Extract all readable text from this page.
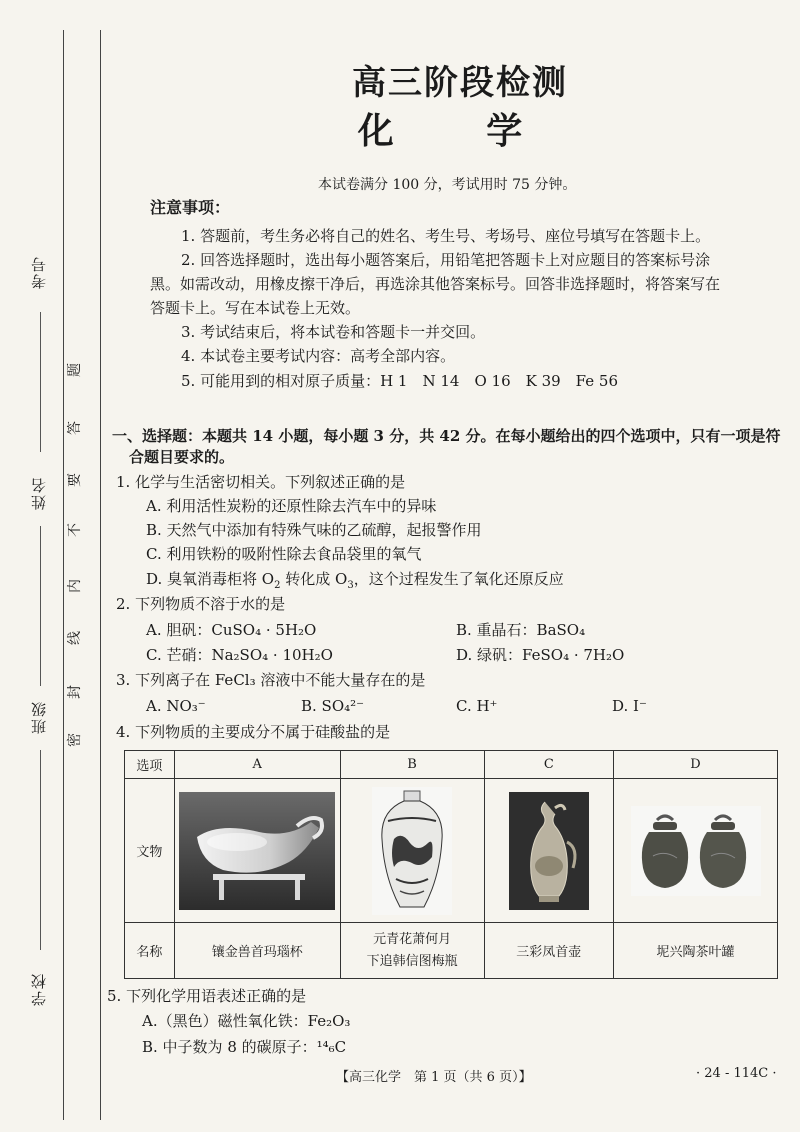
考号
姓名
班级
学校
题
答
要
不
内
线
封
密
高三阶段检测
化 学
本试卷满分 100 分，考试用时 75 分钟。
注意事项：
1. 答题前，考生务必将自己的姓名、考生号、考场号、座位号填写在答题卡上。
2. 回答选择题时，选出每小题答案后，用铅笔把答题卡上对应题目的答案标号涂
黑。如需改动，用橡皮擦干净后，再选涂其他答案标号。回答非选择题时，将答案写在
答题卡上。写在本试卷上无效。
3. 考试结束后，将本试卷和答题卡一并交回。
4. 本试卷主要考试内容：高考全部内容。
5. 可能用到的相对原子质量：H 1　N 14　O 16　K 39　Fe 56
一、选择题：本题共 14 小题，每小题 3 分，共 42 分。在每小题给出的四个选项中，只有一项是符
合题目要求的。
1. 化学与生活密切相关。下列叙述正确的是
A. 利用活性炭粉的还原性除去汽车中的异味
B. 天然气中添加有特殊气味的乙硫醇，起报警作用
C. 利用铁粉的吸附性除去食品袋里的氧气
D. 臭氧消毒柜将 $O_2$ 转化成 $O_3$，这个过程发生了氧化还原反应
2. 下列物质不溶于水的是
A. 胆矾：CuSO₄ · 5H₂O	B. 重晶石：BaSO₄
C. 芒硝：Na₂SO₄ · 10H₂O	D. 绿矾：FeSO₄ · 7H₂O
3. 下列离子在 FeCl₃ 溶液中不能大量存在的是
A. NO₃⁻	B. SO₄²⁻	C. H⁺	D. I⁻
4. 下列物质的主要成分不属于硅酸盐的是
选项	A	B	C	D
文物	

名称	镶金兽首玛瑙杯	元青花萧何月
下追韩信图梅瓶	三彩凤首壶	坭兴陶茶叶罐
5. 下列化学用语表述正确的是
A.（黑色）磁性氧化铁：Fe₂O₃
B. 中子数为 8 的碳原子：¹⁴₆C
【高三化学　第 1 页（共 6 页）】	· 24 - 114C ·
